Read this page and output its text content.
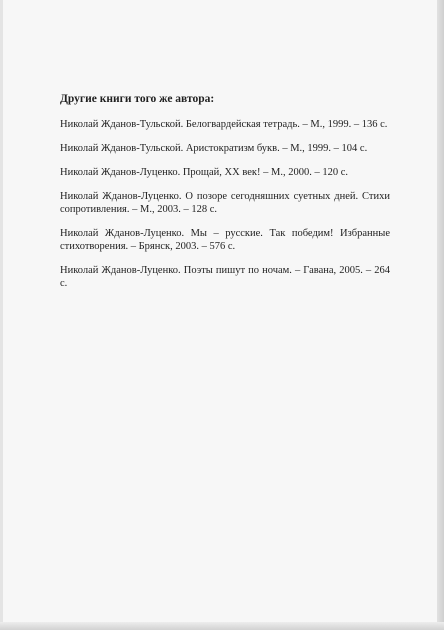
Другие книги того же автора:

Николай Жданов-Тульской. Белогвардейская тетрадь. – М., 1999. – 136 с.

Николай Жданов-Тульской. Аристократизм букв. – М., 1999. – 104 с.

Николай Жданов-Луценко. Прощай, XX век! – М., 2000. – 120 с.

Николай Жданов-Луценко. О позоре сегодняшних суетных дней. Стихи сопротивления. – М., 2003. – 128 с.

Николай Жданов-Луценко. Мы – русские. Так победим! Избранные стихотворения. – Брянск, 2003. – 576 с.

Николай Жданов-Луценко. Поэты пишут по ночам. – Гавана, 2005. – 264 с.
